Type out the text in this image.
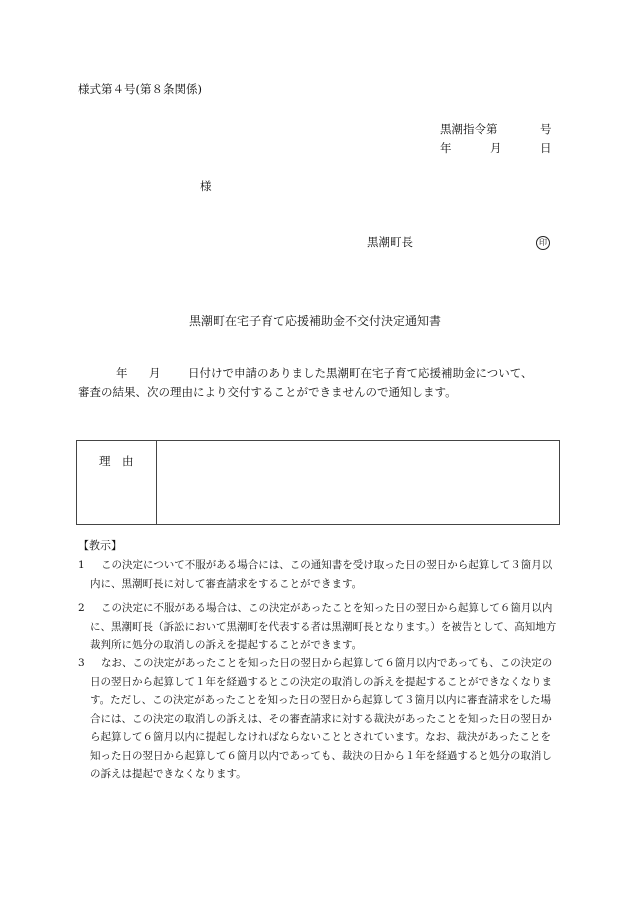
様式第４号(第８条関係)
黒潮指令第	号
年	月	日
様
黒潮町長	印
黒潮町在宅子育て応援補助金不交付決定通知書
年 月 日付けで申請のありました黒潮町在宅子育て応援補助金について、
審査の結果、次の理由により交付することができませんので通知します。
理　由
【教示】
1	この決定について不服がある場合には、この通知書を受け取った日の翌日から起算して３箇月以内に、黒潮町長に対して審査請求をすることができます。
2	この決定に不服がある場合は、この決定があったことを知った日の翌日から起算して６箇月以内に、黒潮町長（訴訟において黒潮町を代表する者は黒潮町長となります。）を被告として、高知地方裁判所に処分の取消しの訴えを提起することができます。
3	なお、この決定があったことを知った日の翌日から起算して６箇月以内であっても、この決定の日の翌日から起算して１年を経過するとこの決定の取消しの訴えを提起することができなくなります。ただし、この決定があったことを知った日の翌日から起算して３箇月以内に審査請求をした場合には、この決定の取消しの訴えは、その審査請求に対する裁決があったことを知った日の翌日から起算して６箇月以内に提起しなければならないこととされています。なお、裁決があったことを知った日の翌日から起算して６箇月以内であっても、裁決の日から１年を経過すると処分の取消しの訴えは提起できなくなります。
